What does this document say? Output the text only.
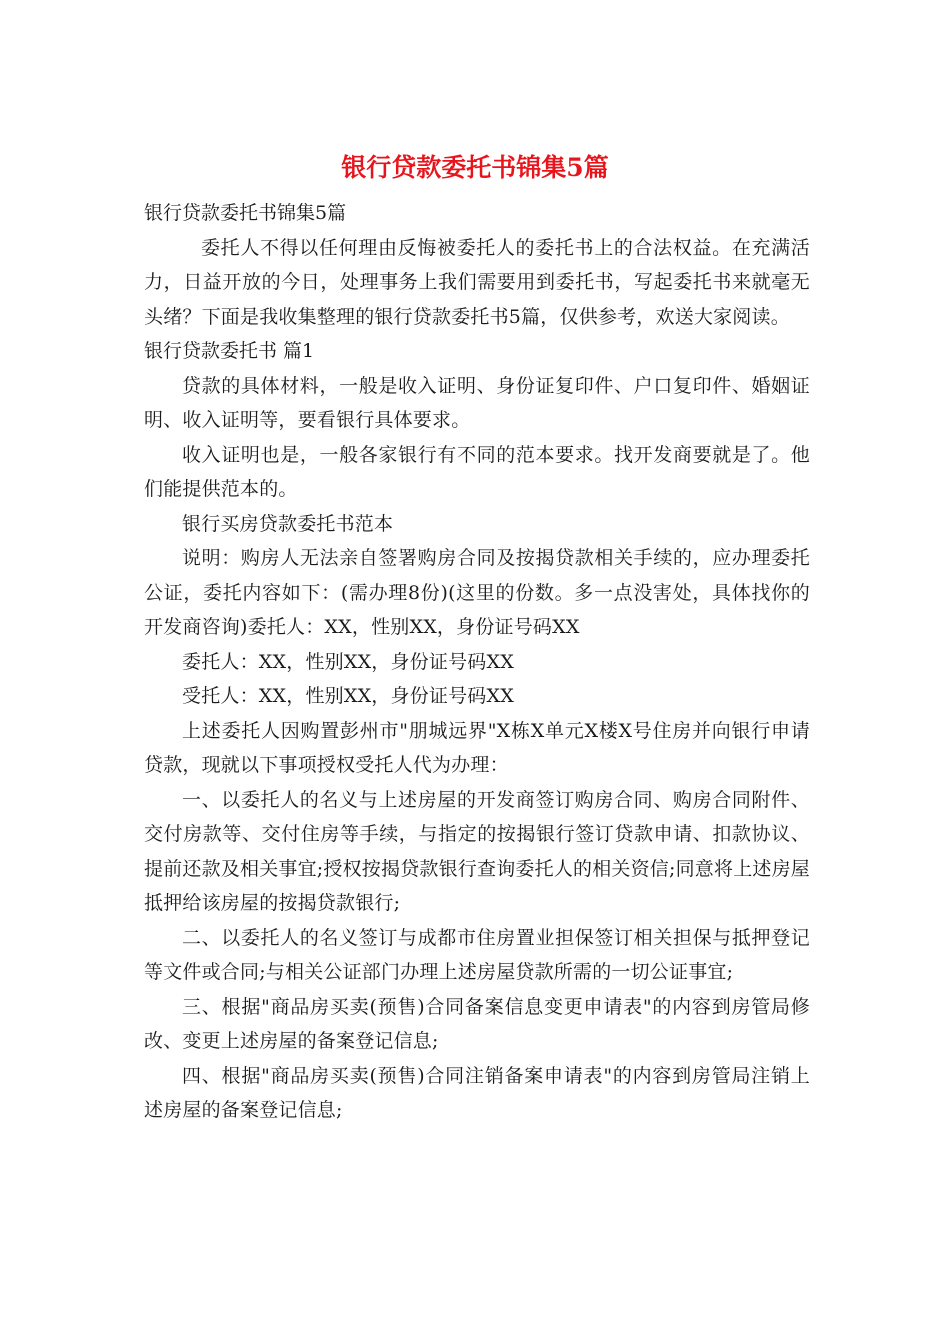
银行贷款委托书锦集5篇

银行贷款委托书锦集5篇

委托人不得以任何理由反悔被委托人的委托书上的合法权益。在充满活力，日益开放的今日，处理事务上我们需要用到委托书，写起委托书来就毫无头绪？下面是我收集整理的银行贷款委托书5篇，仅供参考，欢送大家阅读。

银行贷款委托书 篇1

贷款的具体材料，一般是收入证明、身份证复印件、户口复印件、婚姻证明、收入证明等，要看银行具体要求。

收入证明也是，一般各家银行有不同的范本要求。找开发商要就是了。他们能提供范本的。

银行买房贷款委托书范本

说明：购房人无法亲自签署购房合同及按揭贷款相关手续的，应办理委托公证，委托内容如下：(需办理8份)(这里的份数。多一点没害处，具体找你的开发商咨询)委托人：XX，性别XX，身份证号码XX

委托人：XX，性别XX，身份证号码XX

受托人：XX，性别XX，身份证号码XX

上述委托人因购置彭州市"朋城远界"X栋X单元X楼X号住房并向银行申请贷款，现就以下事项授权受托人代为办理：

一、以委托人的名义与上述房屋的开发商签订购房合同、购房合同附件、交付房款等、交付住房等手续，与指定的按揭银行签订贷款申请、扣款协议、提前还款及相关事宜;授权按揭贷款银行查询委托人的相关资信;同意将上述房屋抵押给该房屋的按揭贷款银行;

二、以委托人的名义签订与成都市住房置业担保签订相关担保与抵押登记等文件或合同;与相关公证部门办理上述房屋贷款所需的一切公证事宜;

三、根据"商品房买卖(预售)合同备案信息变更申请表"的内容到房管局修改、变更上述房屋的备案登记信息;

四、根据"商品房买卖(预售)合同注销备案申请表"的内容到房管局注销上述房屋的备案登记信息;
